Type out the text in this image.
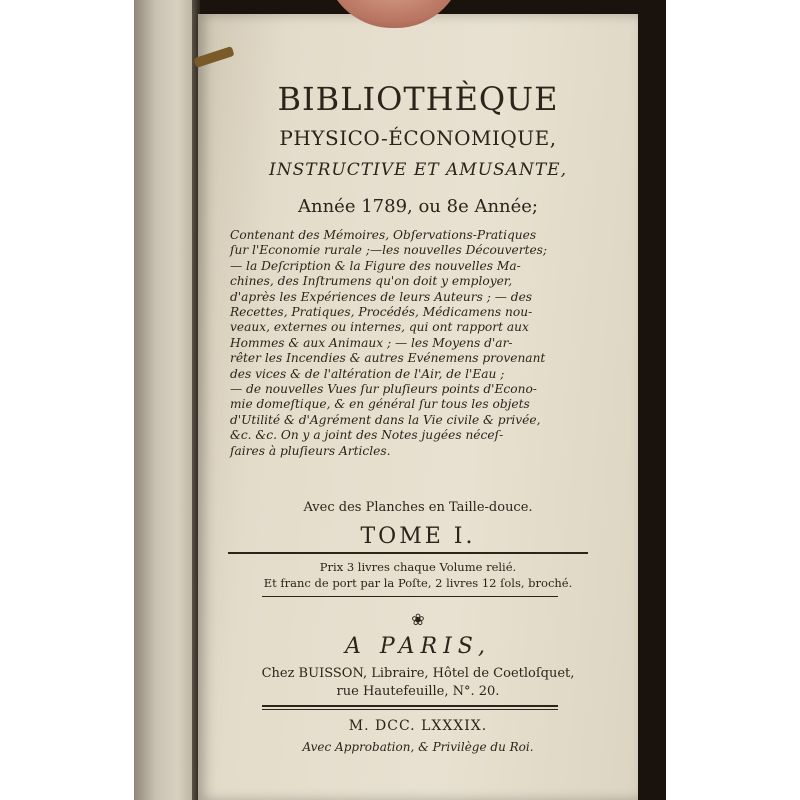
BIBLIOTHÈQUE
PHYSICO-ÉCONOMIQUE,
INSTRUCTIVE ET AMUSANTE,
Année 1789, ou 8e Année;
Contenant des Mémoires, Obſervations-Pratiques
ſur l'Economie rurale ;—les nouvelles Découvertes;
— la Deſcription & la Figure des nouvelles Ma-
chines, des Inſtrumens qu'on doit y employer,
d'après les Expériences de leurs Auteurs ; — des
Recettes, Pratiques, Procédés, Médicamens nou-
veaux, externes ou internes, qui ont rapport aux
Hommes & aux Animaux ; — les Moyens d'ar-
rêter les Incendies & autres Evénemens provenant
des vices & de l'altération de l'Air, de l'Eau ;
— de nouvelles Vues ſur pluſieurs points d'Econo-
mie domeſtique, & en général ſur tous les objets
d'Utilité & d'Agrément dans la Vie civile & privée,
&c. &c. On y a joint des Notes jugées néceſ-
ſaires à pluſieurs Articles.
Avec des Planches en Taille-douce.
TOME I.
Prix 3 livres chaque Volume relié.
Et franc de port par la Poſte, 2 livres 12 ſols, broché.
❀
A PARIS,
Chez BUISSON, Libraire, Hôtel de Coetloſquet,
rue Hautefeuille, N°. 20.
M. DCC. LXXXIX.
Avec Approbation, & Privilège du Roi.
